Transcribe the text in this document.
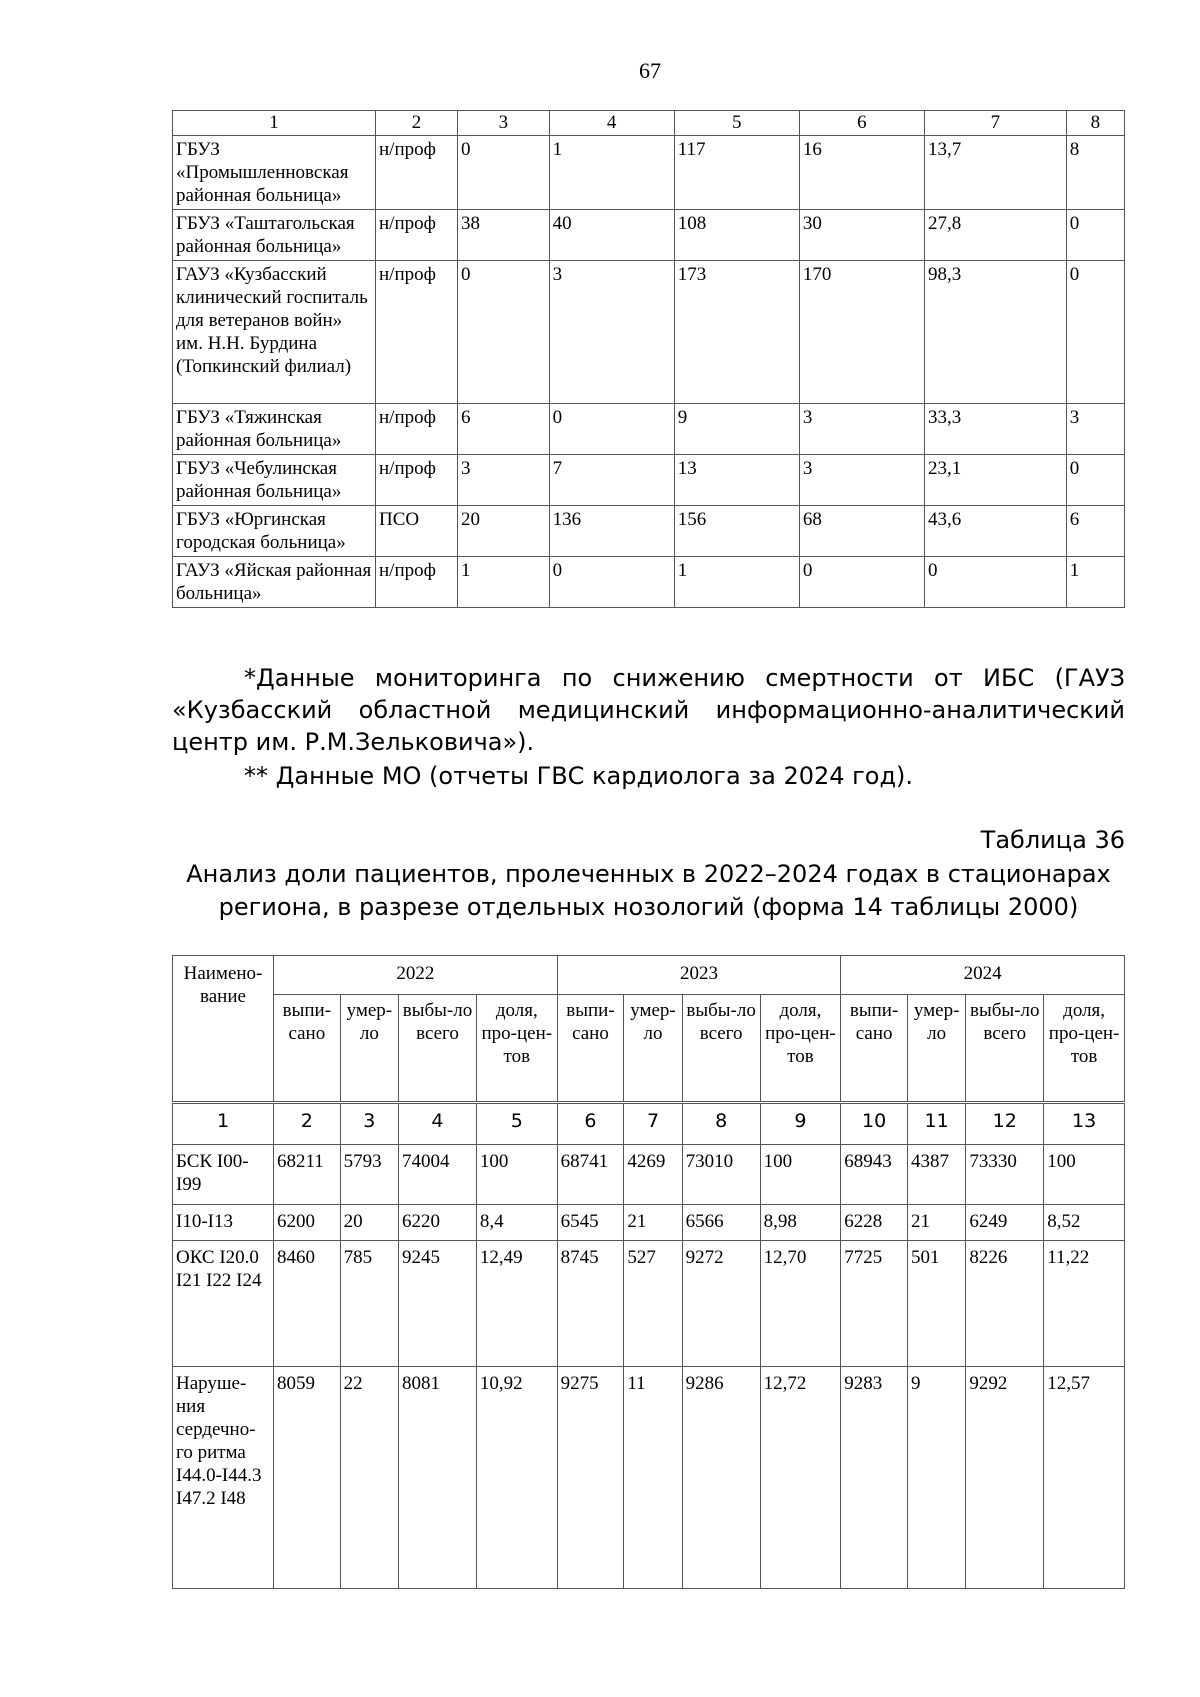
67
1	2	3	4	5	6	7	8
ГБУЗ «Промышленновская районная больница»	н/проф	0	1	117	16	13,7	8
ГБУЗ «Таштагольская районная больница»	н/проф	38	40	108	30	27,8	0
ГАУЗ «Кузбасский клинический госпиталь для ветеранов войн» им. Н.Н. Бурдина (Топкинский филиал)	н/проф	0	3	173	170	98,3	0
ГБУЗ «Тяжинская районная больница»	н/проф	6	0	9	3	33,3	3
ГБУЗ «Чебулинская районная больница»	н/проф	3	7	13	3	23,1	0
ГБУЗ «Юргинская городская больница»	ПСО	20	136	156	68	43,6	6
ГАУЗ «Яйская районная больница»	н/проф	1	0	1	0	0	1
*Данные мониторинга по снижению смертности от ИБС (ГАУЗ «Кузбасский областной медицинский информационно-аналитический центр им. Р.М.Зельковича»).
** Данные МО (отчеты ГВС кардиолога за 2024 год).
Таблица 36
Анализ доли пациентов, пролеченных в 2022–2024 годах в стационарах
региона, в разрезе отдельных нозологий (форма 14 таблицы 2000)
Наимено-вание	2022				2023				2024			
	выпи-сано	умер-ло	выбы-ло всего	доля, про-цен-тов	выпи-сано	умер-ло	выбы-ло всего	доля, про-цен-тов	выпи-сано	умер-ло	выбы-ло всего	доля, про-цен-тов
1	2	3	4	5	6	7	8	9	10	11	12	13
БСК I00-I99	68211	5793	74004	100	68741	4269	73010	100	68943	4387	73330	100
I10-I13	6200	20	6220	8,4	6545	21	6566	8,98	6228	21	6249	8,52
ОКС I20.0 I21 I22 I24	8460	785	9245	12,49	8745	527	9272	12,70	7725	501	8226	11,22
Наруше-ния сердечно-го ритма I44.0-I44.3 I47.2 I48	8059	22	8081	10,92	9275	11	9286	12,72	9283	9	9292	12,57
